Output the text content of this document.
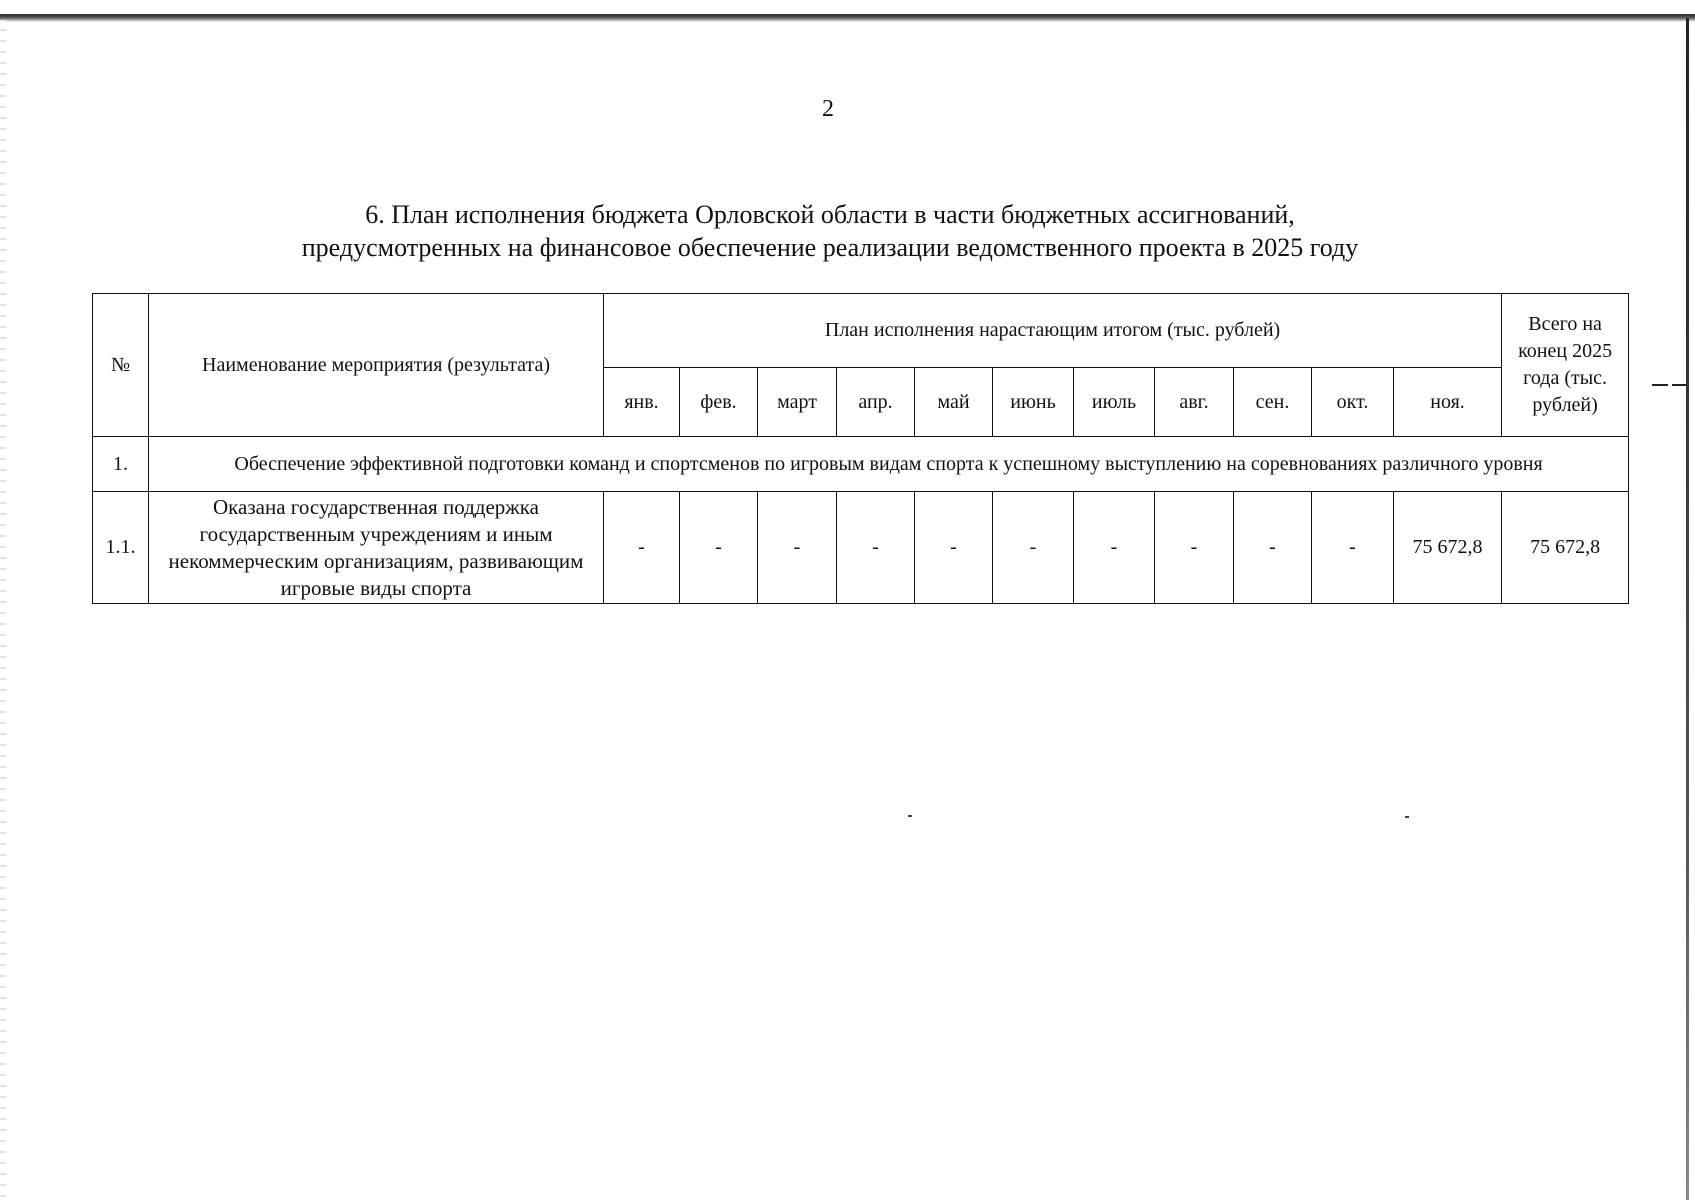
2
6. План исполнения бюджета Орловской области в части бюджетных ассигнований,
предусмотренных на финансовое обеспечение реализации ведомственного проекта в 2025 году
№	Наименование мероприятия (результата)	План исполнения нарастающим итогом (тыс. рублей)											Всего на конец 2025 года (тыс. рублей)
		янв.	фев.	март	апр.	май	июнь	июль	авг.	сен.	окт.	ноя.	
1.	Обеспечение эффективной подготовки команд и спортсменов по игровым видам спорта к успешному выступлению на соревнованиях различного уровня												
1.1.	Оказана государственная поддержка государственным учреждениям и иным некоммерческим организациям, развивающим игровые виды спорта	-	-	-	-	-	-	-	-	-	-	75 672,8	75 672,8
